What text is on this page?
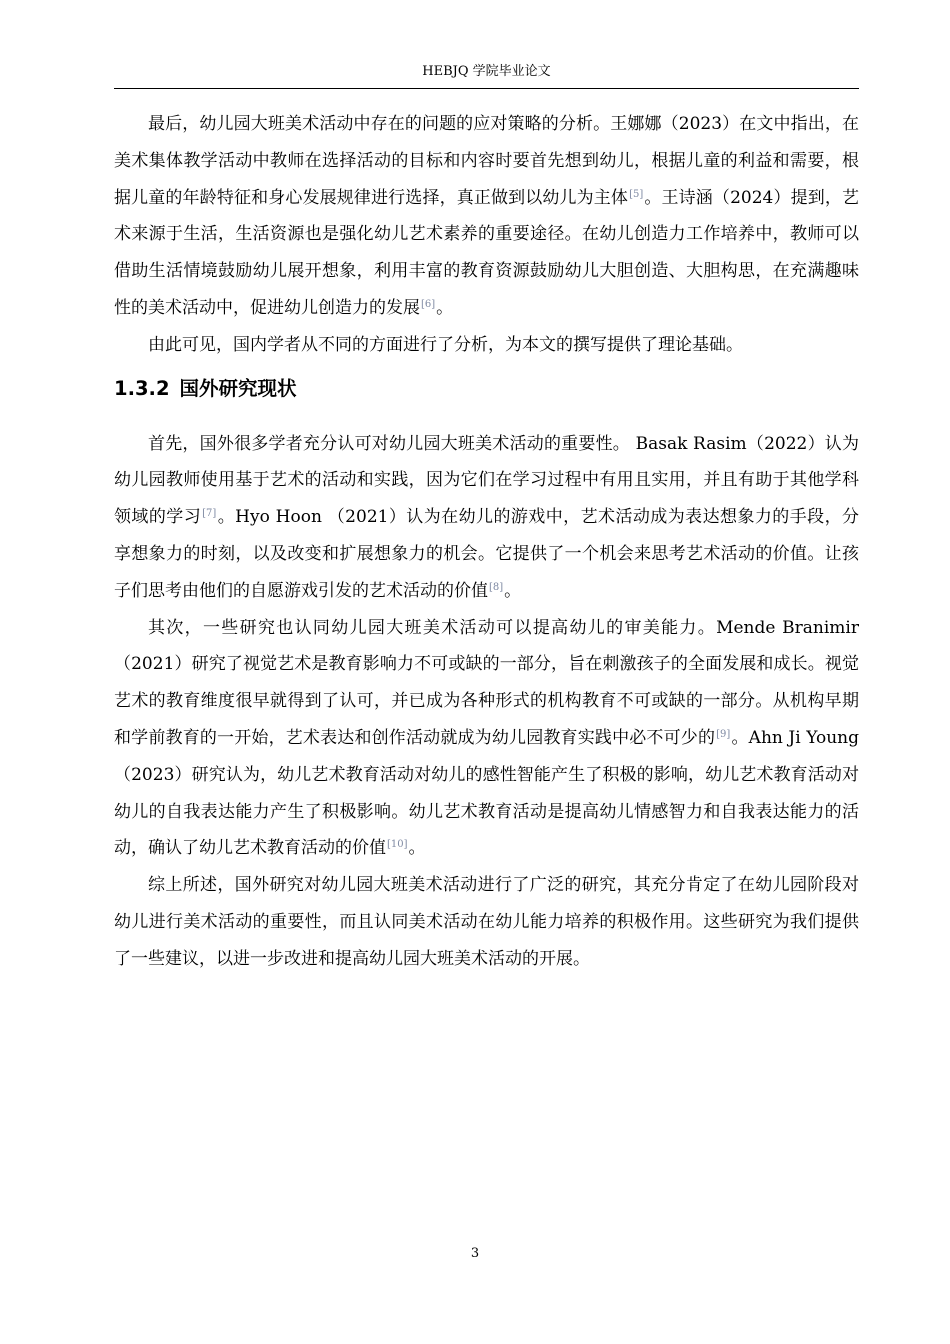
HEBJQ 学院毕业论文

最后，幼儿园大班美术活动中存在的问题的应对策略的分析。王娜娜（2023）在文中指出，在美术集体教学活动中教师在选择活动的目标和内容时要首先想到幼儿，根据儿童的利益和需要，根据儿童的年龄特征和身心发展规律进行选择，真正做到以幼儿为主体[5]。王诗涵（2024）提到，艺术来源于生活，生活资源也是强化幼儿艺术素养的重要途径。在幼儿创造力工作培养中，教师可以借助生活情境鼓励幼儿展开想象，利用丰富的教育资源鼓励幼儿大胆创造、大胆构思，在充满趣味性的美术活动中，促进幼儿创造力的发展[6]。

由此可见，国内学者从不同的方面进行了分析，为本文的撰写提供了理论基础。

1.3.2 国外研究现状

首先，国外很多学者充分认可对幼儿园大班美术活动的重要性。 Basak Rasim（2022）认为幼儿园教师使用基于艺术的活动和实践，因为它们在学习过程中有用且实用，并且有助于其他学科领域的学习[7]。Hyo Hoon （2021）认为在幼儿的游戏中，艺术活动成为表达想象力的手段，分享想象力的时刻，以及改变和扩展想象力的机会。它提供了一个机会来思考艺术活动的价值。让孩子们思考由他们的自愿游戏引发的艺术活动的价值[8]。

其次，一些研究也认同幼儿园大班美术活动可以提高幼儿的审美能力。Mende Branimir（2021）研究了视觉艺术是教育影响力不可或缺的一部分，旨在刺激孩子的全面发展和成长。视觉艺术的教育维度很早就得到了认可，并已成为各种形式的机构教育不可或缺的一部分。从机构早期和学前教育的一开始，艺术表达和创作活动就成为幼儿园教育实践中必不可少的[9]。Ahn Ji Young （2023）研究认为，幼儿艺术教育活动对幼儿的感性智能产生了积极的影响，幼儿艺术教育活动对幼儿的自我表达能力产生了积极影响。幼儿艺术教育活动是提高幼儿情感智力和自我表达能力的活动，确认了幼儿艺术教育活动的价值[10]。

综上所述，国外研究对幼儿园大班美术活动进行了广泛的研究，其充分肯定了在幼儿园阶段对幼儿进行美术活动的重要性，而且认同美术活动在幼儿能力培养的积极作用。这些研究为我们提供了一些建议，以进一步改进和提高幼儿园大班美术活动的开展。

3
